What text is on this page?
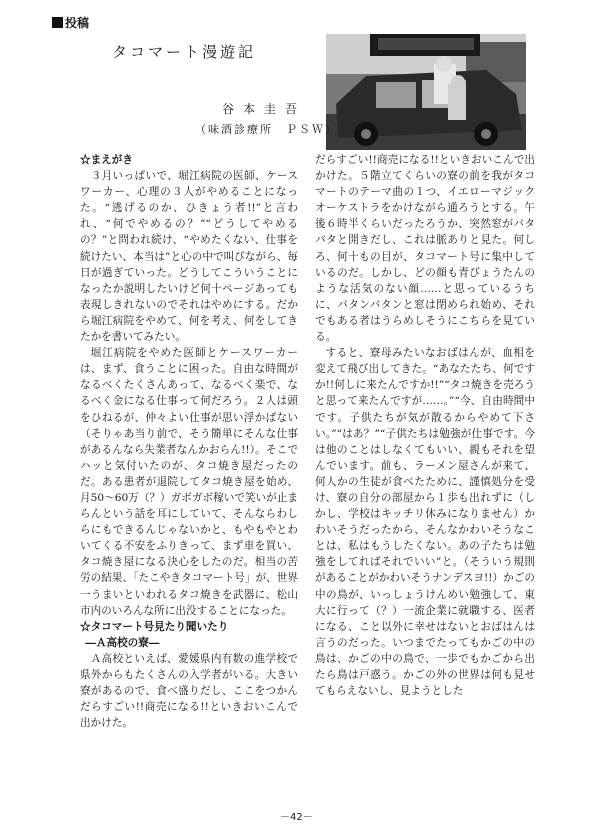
投稿
タコマート漫遊記
谷本圭吾
（味酒診療所　ＰＳＷ）

☆まえがき

３月いっぱいで、堀江病院の医師、ケースワーカー、心理の３人がやめることになった。“逃げるのか、ひきょう者!!”と言われ、“何でやめるの？”“どうしてやめるの？”と問われ続け、“やめたくない、仕事を続けたい、本当は”と心の中で叫びながら、毎日が過ぎていった。どうしてこういうことになったか説明したいけど何十ページあっても表現しきれないのでそれはやめにする。だから堀江病院をやめて、何を考え、何をしてきたかを書いてみたい。

堀江病院をやめた医師とケースワーカーは、まず、食うことに困った。自由な時間がなるべくたくさんあって、なるべく楽で、なるべく金になる仕事って何だろう。２人は頭をひねるが、仲々よい仕事が思い浮かばない（そりゃあ当り前で、そう簡単にそんな仕事があるんなら失業者なんかおらん!!）。そこでハッと気付いたのが、タコ焼き屋だったのだ。ある患者が退院してタコ焼き屋を始め、月50〜60万（？）ガボガボ稼いで笑いが止まらんという話を耳にしていて、そんならわしらにもできるんじゃないかと、もやもやとわいてくる不安をふりきって、まず車を買い、タコ焼き屋になる決心をしたのだ。相当の苦労の結果、「たこやきタコマート号」が、世界一うまいといわれるタコ焼きを武器に、松山市内のいろんな所に出没することになった。

☆タコマート号見たり聞いたり

―Ａ高校の寮―

Ａ高校といえば、愛媛県内有数の進学校で県外からもたくさんの入学者がいる。大きい寮があるので、食べ盛りだし、ここをつかんだらすごい!!商売になる!!といきおいこんで出かけた。

だらすごい!!商売になる!!といきおいこんで出かけた。５階立てくらいの寮の前を我がタコマートのテーマ曲の１つ、イエローマジックオーケストラをかけながら通ろうとする。午後６時半くらいだったろうか、突然窓がバタバタと開きだし、これは脈ありと見た。何しろ、何十もの目が、タコマート号に集中しているのだ。しかし、どの顔も青びょうたんのような活気のない顔……と思っているうちに、バタンバタンと窓は閉められ始め、それでもある者はうらめしそうにこちらを見ている。

すると、寮母みたいなおばはんが、血相を変えて飛び出してきた。“あなたたち、何ですか!!何しに来たんですか!!”“タコ焼きを売ろうと思って来たんですが……。”“今、自由時間中です。子供たちが気が散るからやめて下さい。”“はあ？”“子供たちは勉強が仕事です。今は他のことはしなくてもいい、親もそれを望んでいます。前も、ラーメン屋さんが来て、何人かの生徒が食べたために、謹慎処分を受け、寮の自分の部屋から１歩も出れずに（しかし、学校はキッチリ休みになりません）かわいそうだったから、そんなかわいそうなことは、私はもうしたくない。あの子たちは勉強をしてればそれでいい”と。（そういう規則があることがかわいそうナンデスヨ!!）かごの中の鳥が、いっしょうけんめい勉強して、東大に行って（？）一流企業に就職する、医者になる、こと以外に幸せはないとおばはんは言うのだった。いつまでたってもかごの中の鳥は、かごの中の鳥で、一歩でもかごから出たら鳥は戸惑う。かごの外の世界は何も見せてもらえないし、見ようとした

－42－
